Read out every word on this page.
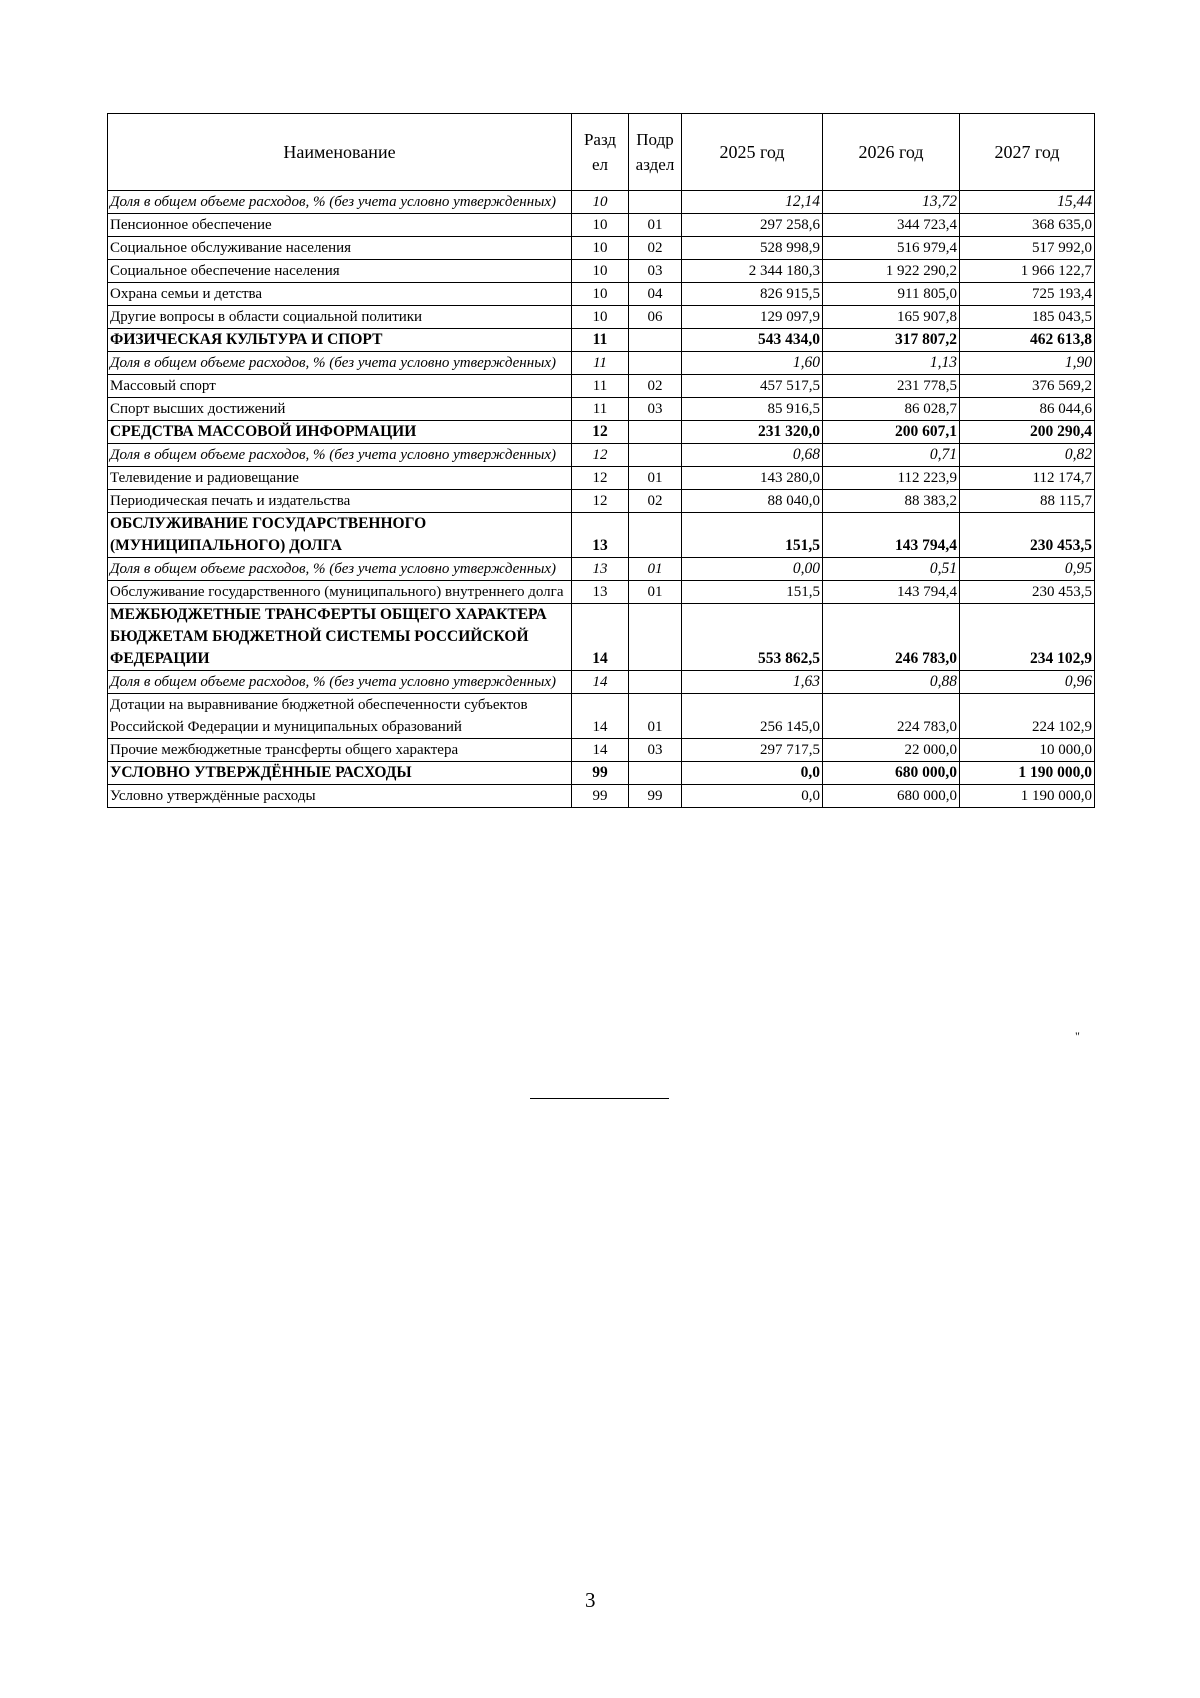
Наименование	Разд ел	Подр аздел	2025 год	2026 год	2027 год
Доля в общем объеме расходов, % (без учета условно утвержденных)	10		12,14	13,72	15,44
Пенсионное обеспечение	10	01	297 258,6	344 723,4	368 635,0
Социальное обслуживание населения	10	02	528 998,9	516 979,4	517 992,0
Социальное обеспечение населения	10	03	2 344 180,3	1 922 290,2	1 966 122,7
Охрана семьи и детства	10	04	826 915,5	911 805,0	725 193,4
Другие вопросы в области социальной политики	10	06	129 097,9	165 907,8	185 043,5
ФИЗИЧЕСКАЯ КУЛЬТУРА И СПОРТ	11		543 434,0	317 807,2	462 613,8
Доля в общем объеме расходов, % (без учета условно утвержденных)	11		1,60	1,13	1,90
Массовый спорт	11	02	457 517,5	231 778,5	376 569,2
Спорт высших достижений	11	03	85 916,5	86 028,7	86 044,6
СРЕДСТВА МАССОВОЙ ИНФОРМАЦИИ	12		231 320,0	200 607,1	200 290,4
Доля в общем объеме расходов, % (без учета условно утвержденных)	12		0,68	0,71	0,82
Телевидение и радиовещание	12	01	143 280,0	112 223,9	112 174,7
Периодическая печать и издательства	12	02	88 040,0	88 383,2	88 115,7
ОБСЛУЖИВАНИЕ ГОСУДАРСТВЕННОГО (МУНИЦИПАЛЬНОГО) ДОЛГА	13		151,5	143 794,4	230 453,5
Доля в общем объеме расходов, % (без учета условно утвержденных)	13	01	0,00	0,51	0,95
Обслуживание государственного (муниципального) внутреннего долга	13	01	151,5	143 794,4	230 453,5
МЕЖБЮДЖЕТНЫЕ ТРАНСФЕРТЫ ОБЩЕГО ХАРАКТЕРА БЮДЖЕТАМ БЮДЖЕТНОЙ СИСТЕМЫ РОССИЙСКОЙ ФЕДЕРАЦИИ	14		553 862,5	246 783,0	234 102,9
Доля в общем объеме расходов, % (без учета условно утвержденных)	14		1,63	0,88	0,96
Дотации на выравнивание бюджетной обеспеченности субъектов Российской Федерации и муниципальных образований	14	01	256 145,0	224 783,0	224 102,9
Прочие межбюджетные трансферты общего характера	14	03	297 717,5	22 000,0	10 000,0
УСЛОВНО УТВЕРЖДЁННЫЕ РАСХОДЫ	99		0,0	680 000,0	1 190 000,0
Условно утверждённые расходы	99	99	0,0	680 000,0	1 190 000,0
"
3
